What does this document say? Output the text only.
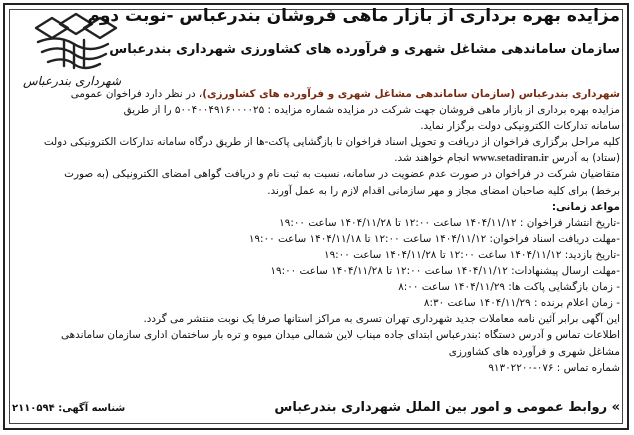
شهرداری بندرعباس
مزایده بهره برداری از بازار ماهی فروشان بندرعباس -نوبت دوم
سازمان ساماندهی مشاغل شهری و فرآورده های کشاورزی شهرداری بندرعباس
شهرداری بندرعباس (سازمان ساماندهی مشاغل شهری و فرآورده های کشاورزی)، در نظر دارد فراخوان عمومی
مزایده بهره برداری از بازار ماهی فروشان جهت شرکت در مزایده شماره مزایده : ۵۰۰۴۰۰۴۹۱۶۰۰۰۰۲۵ را از طریق
سامانه تدارکات الکترونیکی دولت برگزار نماید.
کلیه مراحل برگزاری فراخوان از دریافت و تحویل اسناد فراخوان تا بازگشایی پاکت-ها از طریق درگاه سامانه تدارکات الکترونیکی دولت
(ستاد) به آدرس www.setadiran.ir انجام خواهند شد.
متقاضیان شرکت در فراخوان در صورت عدم عضویت در سامانه، نسبت به ثبت نام و دریافت گواهی امضای الکترونیکی (به صورت
برخط) برای کلیه صاحبان امضای مجاز و مهر سازمانی اقدام لازم را به عمل آورند.
مواعد زمانی:
-تاریخ انتشار فراخوان : ۱۴۰۴/۱۱/۱۲ ساعت ۱۲:۰۰ تا ۱۴۰۴/۱۱/۲۸ ساعت ۱۹:۰۰
-مهلت دریافت اسناد فراخوان: ۱۴۰۴/۱۱/۱۲ ساعت ۱۲:۰۰ تا ۱۴۰۴/۱۱/۱۸ ساعت ۱۹:۰۰
-تاریخ بازدید: ۱۴۰۴/۱۱/۱۲ ساعت ۱۲:۰۰ تا ۱۴۰۴/۱۱/۲۸ ساعت ۱۹:۰۰
-مهلت ارسال پیشنهادات: ۱۴۰۴/۱۱/۱۲ ساعت ۱۲:۰۰ تا ۱۴۰۴/۱۱/۲۸ ساعت ۱۹:۰۰
- زمان بازگشایی پاکت ها: ۱۴۰۴/۱۱/۲۹ ساعت ۸:۰۰
- زمان اعلام برنده : ۱۴۰۴/۱۱/۲۹ ساعت ۸:۳۰
این آگهی برابر آئین نامه معاملات جدید شهرداری تهران تسری به مراکز استانها صرفا یک نوبت منتشر می گردد.
اطلاعات تماس و آدرس دستگاه :بندرعباس ابتدای جاده میناب لاین شمالی میدان میوه و تره بار ساختمان اداری سازمان ساماندهی
مشاغل شهری و فرآورده های کشاورزی
شماره تماس : ۰۷۶-۹۱۳۰۲۲۰۰
» روابط عمومی و امور بین الملل شهرداری بندرعباس
شناسه آگهی: ۲۱۱۰۵۹۴
